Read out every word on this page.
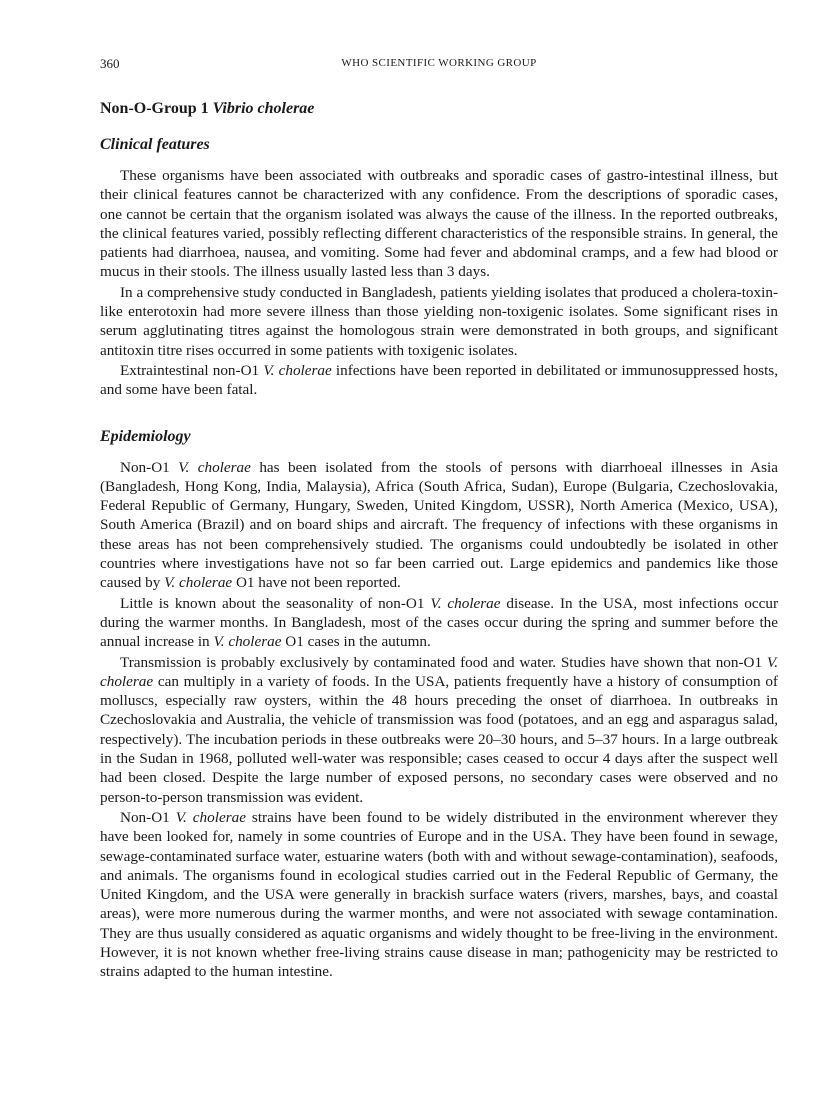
360	WHO SCIENTIFIC WORKING GROUP
Non-O-Group 1 Vibrio cholerae
Clinical features

These organisms have been associated with outbreaks and sporadic cases of gastro-intestinal illness, but their clinical features cannot be characterized with any confidence. From the descriptions of sporadic cases, one cannot be certain that the organism isolated was always the cause of the illness. In the reported outbreaks, the clinical features varied, possibly reflecting different characteristics of the responsible strains. In general, the patients had diarrhoea, nausea, and vomiting. Some had fever and abdominal cramps, and a few had blood or mucus in their stools. The illness usually lasted less than 3 days.

In a comprehensive study conducted in Bangladesh, patients yielding isolates that produced a cholera-toxin-like enterotoxin had more severe illness than those yielding non-toxigenic isolates. Some significant rises in serum agglutinating titres against the homologous strain were demonstrated in both groups, and significant antitoxin titre rises occurred in some patients with toxigenic isolates.

Extraintestinal non-O1 V. cholerae infections have been reported in debilitated or immunosuppressed hosts, and some have been fatal.

Epidemiology

Non-O1 V. cholerae has been isolated from the stools of persons with diarrhoeal illnesses in Asia (Bangladesh, Hong Kong, India, Malaysia), Africa (South Africa, Sudan), Europe (Bulgaria, Czechoslovakia, Federal Republic of Germany, Hungary, Sweden, United Kingdom, USSR), North America (Mexico, USA), South America (Brazil) and on board ships and aircraft. The frequency of infections with these organisms in these areas has not been comprehensively studied. The organisms could undoubtedly be isolated in other countries where investigations have not so far been carried out. Large epidemics and pandemics like those caused by V. cholerae O1 have not been reported.

Little is known about the seasonality of non-O1 V. cholerae disease. In the USA, most infections occur during the warmer months. In Bangladesh, most of the cases occur during the spring and summer before the annual increase in V. cholerae O1 cases in the autumn.

Transmission is probably exclusively by contaminated food and water. Studies have shown that non-O1 V. cholerae can multiply in a variety of foods. In the USA, patients frequently have a history of consumption of molluscs, especially raw oysters, within the 48 hours preceding the onset of diarrhoea. In outbreaks in Czechoslovakia and Australia, the vehicle of transmission was food (potatoes, and an egg and asparagus salad, respectively). The incubation periods in these outbreaks were 20–30 hours, and 5–37 hours. In a large outbreak in the Sudan in 1968, polluted well-water was responsible; cases ceased to occur 4 days after the suspect well had been closed. Despite the large number of exposed persons, no secondary cases were observed and no person-to-person transmission was evident.

Non-O1 V. cholerae strains have been found to be widely distributed in the environment wherever they have been looked for, namely in some countries of Europe and in the USA. They have been found in sewage, sewage-contaminated surface water, estuarine waters (both with and without sewage-contamination), seafoods, and animals. The organisms found in ecological studies carried out in the Federal Republic of Germany, the United Kingdom, and the USA were generally in brackish surface waters (rivers, marshes, bays, and coastal areas), were more numerous during the warmer months, and were not associated with sewage contamination. They are thus usually considered as aquatic organisms and widely thought to be free-living in the environment. However, it is not known whether free-living strains cause disease in man; pathogenicity may be restricted to strains adapted to the human intestine.
